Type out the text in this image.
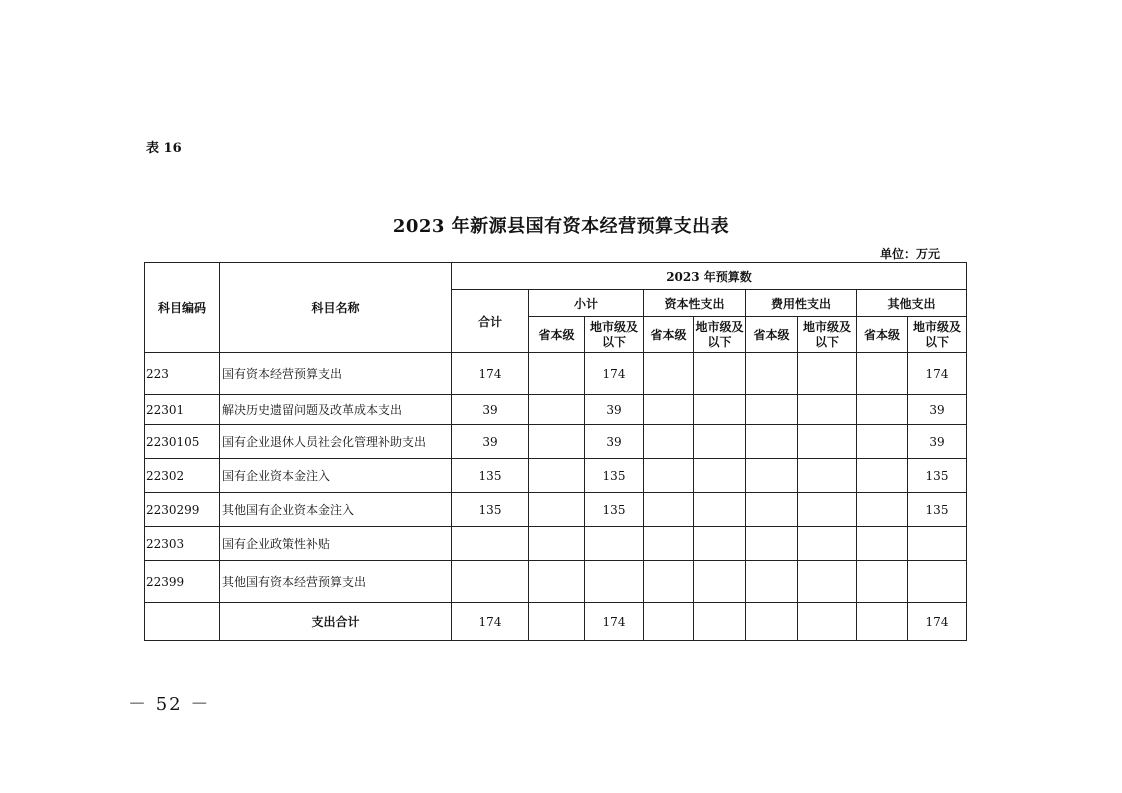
表 16
2023 年新源县国有资本经营预算支出表
单位：万元
科目编码	科目名称	2023 年预算数								
		合计	小计		资本性支出		费用性支出		其他支出	
			省本级	地市级及以下	省本级	地市级及以下	省本级	地市级及以下	省本级	地市级及以下
223	国有资本经营预算支出	174		174						174
22301	解决历史遗留问题及改革成本支出	39		39						39
2230105	国有企业退休人员社会化管理补助支出	39		39						39
22302	国有企业资本金注入	135		135						135
2230299	其他国有企业资本金注入	135		135						135
22303	国有企业政策性补贴									
22399	其他国有资本经营预算支出									
	支出合计	174		174						174
－ 52 －
